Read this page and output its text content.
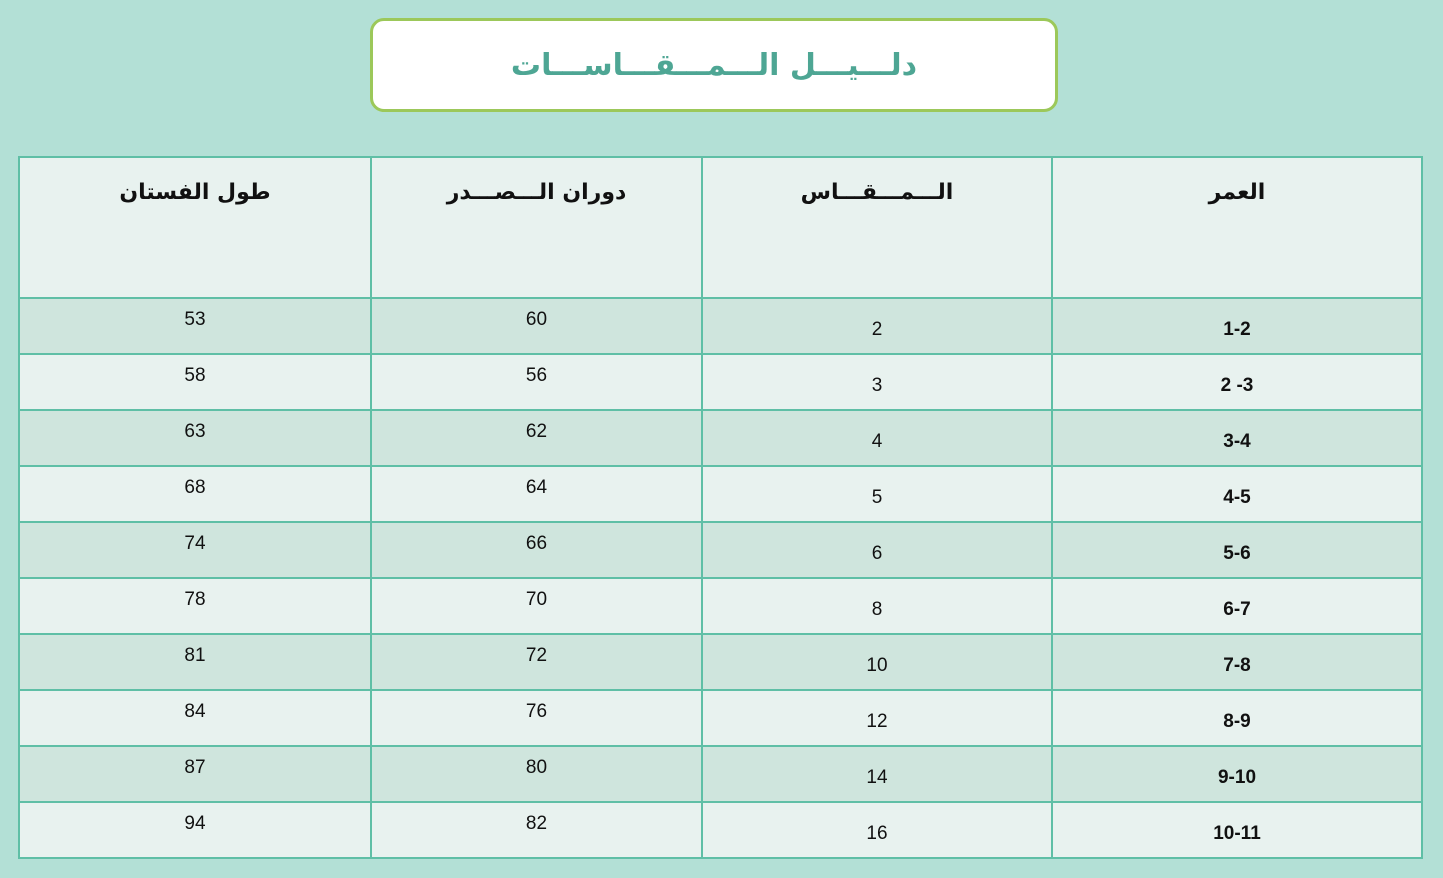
دلـــيـــل الـــمـــقـــاســـات
طول الفستان	دوران الـــصـــدر	الـــمـــقـــاس	العمر
53	60	2	1-2
58	56	3	2 -3
63	62	4	3-4
68	64	5	4-5
74	66	6	5-6
78	70	8	6-7
81	72	10	7-8
84	76	12	8-9
87	80	14	9-10
94	82	16	10-11
